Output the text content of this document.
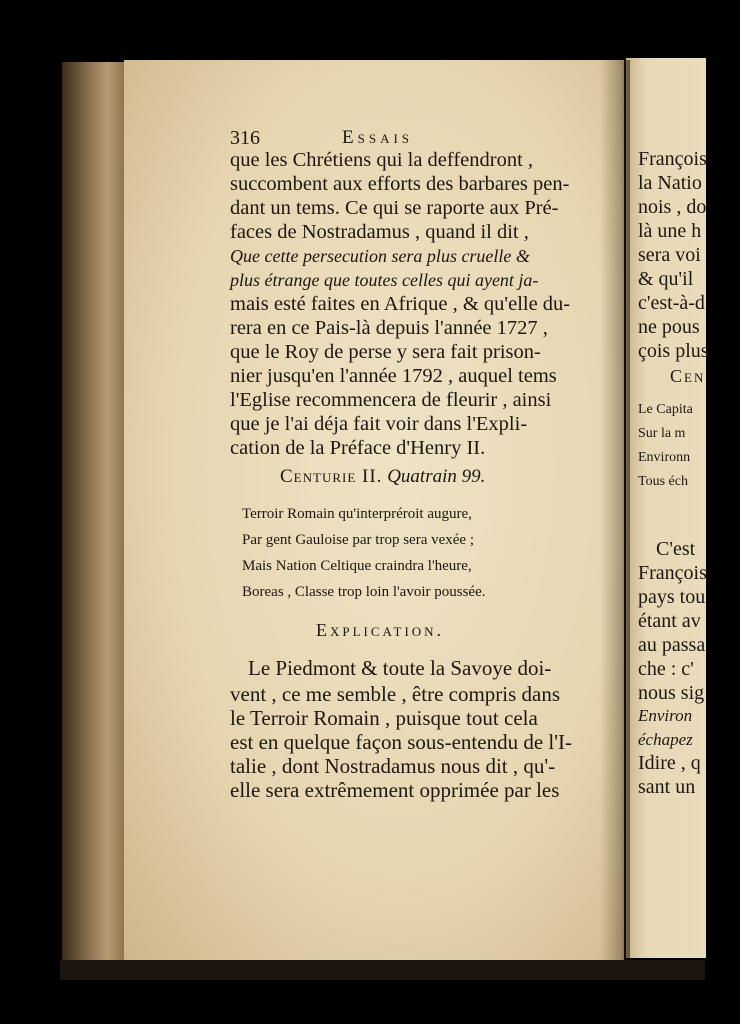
316	Essais
que les Chrétiens qui la deffendront ,
succombent aux efforts des barbares pen-
dant un tems. Ce qui se raporte aux Pré-
faces de Nostradamus , quand il dit ,
Que cette persecution sera plus cruelle &
plus étrange que toutes celles qui ayent ja-
mais esté faites en Afrique , & qu'elle du-
rera en ce Pais-là depuis l'année 1727 ,
que le Roy de perse y sera fait prison-
nier jusqu'en l'année 1792 , auquel tems
l'Eglise recommencera de fleurir , ainsi
que je l'ai déja fait voir dans l'Expli-
cation de la Préface d'Henry II.
Centurie II. Quatrain 99.
Terroir Romain qu'interpréroit augure,
Par gent Gauloise par trop sera vexée ;
Mais Nation Celtique craindra l'heure,
Boreas , Classe trop loin l'avoir poussée.
Explication.
Le Piedmont & toute la Savoye doi-
vent , ce me semble , être compris dans
le Terroir Romain , puisque tout cela
est en quelque façon sous-entendu de l'I-
talie , dont Nostradamus nous dit , qu'-
elle sera extrêmement opprimée par les
François
la Natio
nois , do
là une h
sera voi
& qu'il
c'est-à-d
ne pous
çois plus
Cen
Le Capita
Sur la m
Environn
Tous éch
C'est
François
pays tou
étant av
au passa
che : c'
nous sig
Environ
échapez
Idire , q
sant un
